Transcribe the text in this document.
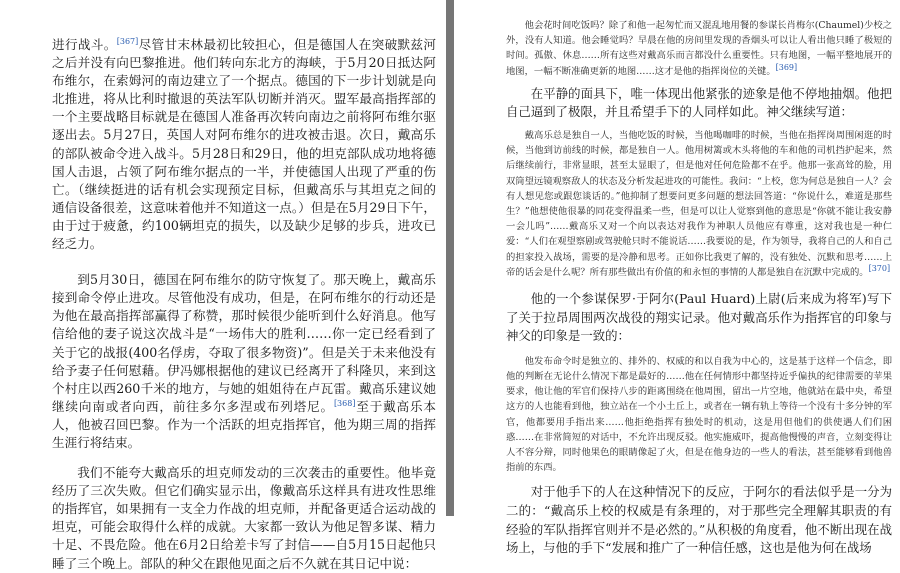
进行战斗。[367]尽管甘末林最初比较担心，但是德国人在突破默兹河之后并没有向巴黎推进。他们转向东北方的海峡，于5月20日抵达阿布维尔，在索姆河的南边建立了一个据点。德国的下一步计划就是向北推进，将从比利时撤退的英法军队切断并消灭。盟军最高指挥部的一个主要战略目标就是在德国人准备再次转向南边之前将阿布维尔驱逐出去。5月27日，英国人对阿布维尔的进攻被击退。次日，戴高乐的部队被命令进入战斗。5月28日和29日，他的坦克部队成功地将德国人击退，占领了阿布维尔据点的一半，并使德国人出现了严重的伤亡。（继续挺进的话有机会实现预定目标，但戴高乐与其坦克之间的通信设备很差，这意味着他并不知道这一点。）但是在5月29日下午，由于过于疲惫，约100辆坦克的损失，以及缺少足够的步兵，进攻已经乏力。

到5月30日，德国在阿布维尔的防守恢复了。那天晚上，戴高乐接到命令停止进攻。尽管他没有成功，但是，在阿布维尔的行动还是为他在最高指挥部赢得了称赞，那时候很少能听到什么好消息。他写信给他的妻子说这次战斗是“一场伟大的胜利……你一定已经看到了关于它的战报(400名俘虏，夺取了很多物资)”。但是关于未来他没有给予妻子任何慰藉。伊冯娜根据他的建议已经离开了科隆贝，来到这个村庄以西260千米的地方，与她的姐姐待在卢瓦雷。戴高乐建议她继续向南或者向西，前往多尔多涅或布列塔尼。[368]至于戴高乐本人，他被召回巴黎。作为一个活跃的坦克指挥官，他为期三周的指挥生涯行将结束。

我们不能夸大戴高乐的坦克师发动的三次袭击的重要性。他毕竟经历了三次失败。但它们确实显示出，像戴高乐这样具有进攻性思维的指挥官，如果拥有一支全力作战的坦克师，并配备更适合运动战的坦克，可能会取得什么样的成就。大家都一致认为他足智多谋、精力十足、不畏危险。他在6月2日给差卡写了封信——自5月15日起他只睡了三个晚上。部队的种父在跟他见面之后不久就在其日记中说：

他会花时间吃饭吗？除了和他一起匆忙而又混乱地用餐的参谋长肖梅尔(Chaumel)少校之外，没有人知道。他会睡觉吗？早晨在他的房间里发现的香烟头可以让人看出他只睡了极短的时间。孤傲、休息……所有这些对戴高乐而言都没什么重要性。只有地图，一幅平整地展开的地图，一幅不断准确更新的地图……这才是他的指挥岗位的关键。[369]

在平静的面具下，唯一体现出他紧张的迹象是他不停地抽烟。他把自己逼到了极限，并且希望手下的人同样如此。神父继续写道：

戴高乐总是独自一人，当他吃饭的时候，当他喝咖啡的时候，当他在指挥岗周围闲逛的时候，当他到访前线的时候，都是独自一人。他用树篱或木头将他的车和他的司机挡护起来，然后继续前行，非常显眼，甚至太显眼了，但是他对任何危险都不在乎。他那一张高耸的脸，用双筒望远镜观察敌人的状态及分析发起进攻的可能性。我问：“上校，您为何总是独自一人？会有人想见您或跟您谈话的。”他抑制了想要问更多问题的想法回答道：“你说什么，难道是那些生？”他想使他很暴的同花变得温柔一些，但是可以让人觉察到他的意思是“你就不能让我安静一会儿吗”……戴高乐又对一个向以表达对我作为神职人员他应有尊重，这对我也是一种仁爱：“人们在观望察剧或驾驶舱只时不能说话……我要说的是，作为领导，我将自己的人和自己的担家投入战场，需要的是冷静和思考。正如你比我更了解的，没有独处、沉默和思考……上帝的话会是什么呢？所有那些做出有价值的和永恒的事情的人都是独自在沉默中完成的。[370]

他的一个参谋保罗·于阿尔(Paul Huard)上尉(后来成为将军)写下了关于拉昂周围两次战役的翔实记录。他对戴高乐作为指挥官的印象与神父的印象是一致的：

他发布命令时是独立的、排外的、权威的和以自我为中心的，这是基于这样一个信念，即他的判断在无论什么情况下都是最好的……他在任何情形中都坚持近乎偏执的纪律需要的苹果要求，他让他的军官们保持八步的距离围绕在他周围，留出一片空地，他就站在最中央，希望这方的人也能看到他，独立站在一个小土丘上，或者在一辆有轨上等待一个没有十多分钟的军官，他都要用手指出来……他拒绝指挥有独处时的机动，这是用但他们的供使遇人们们困惑……在非常简短的对话中，不允许出现反驳。他实施威吓，提高他慢慢的声音，立刻变得让人不容分辩，同时他果色的眼睛像起了火，但是在他身边的一些人的看法，甚至能够看到他兽指前的东西。

对于他手下的人在这种情况下的反应，于阿尔的看法似乎是一分为二的：“戴高乐上校的权威是有条理的，对于那些完全理解其职责的有经验的军队指挥官则并不是必然的。”从积极的角度看，他不断出现在战场上，与他的手下“发展和推广了一种信任感，这也是他为何在战场
